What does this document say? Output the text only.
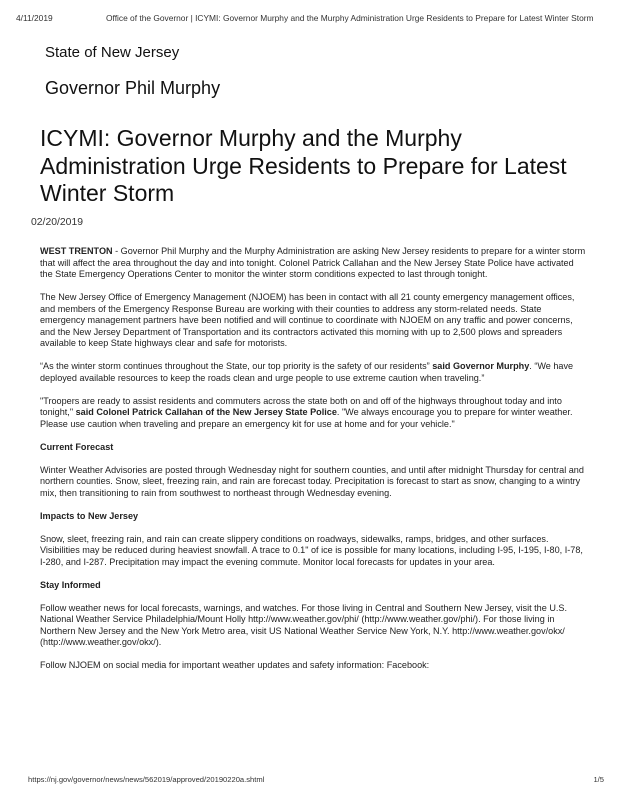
4/11/2019	Office of the Governor | ICYMI: Governor Murphy and the Murphy Administration Urge Residents to Prepare for Latest Winter Storm
State of New Jersey
Governor Phil Murphy
ICYMI: Governor Murphy and the Murphy Administration Urge Residents to Prepare for Latest Winter Storm
02/20/2019

WEST TRENTON - Governor Phil Murphy and the Murphy Administration are asking New Jersey residents to prepare for a winter storm that will affect the area throughout the day and into tonight. Colonel Patrick Callahan and the New Jersey State Police have activated the State Emergency Operations Center to monitor the winter storm conditions expected to last through tonight.

The New Jersey Office of Emergency Management (NJOEM) has been in contact with all 21 county emergency management offices, and members of the Emergency Response Bureau are working with their counties to address any storm-related needs. State emergency management partners have been notified and will continue to coordinate with NJOEM on any traffic and power concerns, and the New Jersey Department of Transportation and its contractors activated this morning with up to 2,500 plows and spreaders available to keep State highways clear and safe for motorists.

“As the winter storm continues throughout the State, our top priority is the safety of our residents” said Governor Murphy. “We have deployed available resources to keep the roads clean and urge people to use extreme caution when traveling.”

"Troopers are ready to assist residents and commuters across the state both on and off of the highways throughout today and into tonight," said Colonel Patrick Callahan of the New Jersey State Police. "We always encourage you to prepare for winter weather. Please use caution when traveling and prepare an emergency kit for use at home and for your vehicle."

Current Forecast

Winter Weather Advisories are posted through Wednesday night for southern counties, and until after midnight Thursday for central and northern counties. Snow, sleet, freezing rain, and rain are forecast today. Precipitation is forecast to start as snow, changing to a wintry mix, then transitioning to rain from southwest to northeast through Wednesday evening.

Impacts to New Jersey

Snow, sleet, freezing rain, and rain can create slippery conditions on roadways, sidewalks, ramps, bridges, and other surfaces. Visibilities may be reduced during heaviest snowfall. A trace to 0.1" of ice is possible for many locations, including I-95, I-195, I-80, I-78, I-280, and I-287. Precipitation may impact the evening commute. Monitor local forecasts for updates in your area.

Stay Informed

Follow weather news for local forecasts, warnings, and watches. For those living in Central and Southern New Jersey, visit the U.S. National Weather Service Philadelphia/Mount Holly http://www.weather.gov/phi/ (http://www.weather.gov/phi/). For those living in Northern New Jersey and the New York Metro area, visit US National Weather Service New York, N.Y. http://www.weather.gov/okx/ (http://www.weather.gov/okx/).

Follow NJOEM on social media for important weather updates and safety information: Facebook:

https://nj.gov/governor/news/news/562019/approved/20190220a.shtml	1/5
